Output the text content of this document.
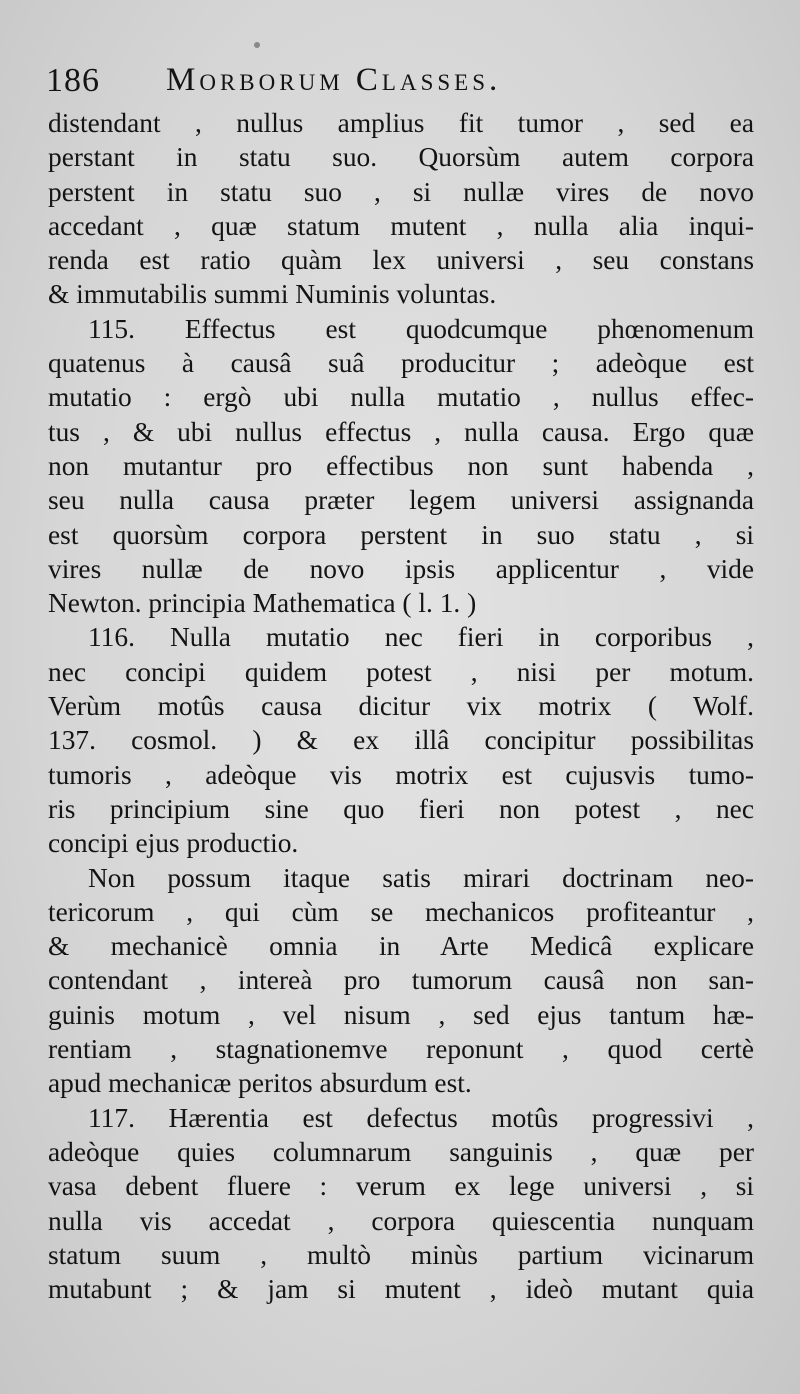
186 Morborum Classes.
distendant , nullus amplius fit tumor , sed ea
perstant in statu suo. Quorsùm autem corpora
perstent in statu suo , si nullæ vires de novo
accedant , quæ statum mutent , nulla alia inqui-
renda est ratio quàm lex universi , seu constans
& immutabilis summi Numinis voluntas.
115. Effectus est quodcumque phœnomenum
quatenus à causâ suâ producitur ; adeòque est
mutatio : ergò ubi nulla mutatio , nullus effec-
tus , & ubi nullus effectus , nulla causa. Ergo quæ
non mutantur pro effectibus non sunt habenda ,
seu nulla causa præter legem universi assignanda
est quorsùm corpora perstent in suo statu , si
vires nullæ de novo ipsis applicentur , vide
Newton. principia Mathematica ( l. 1. )
116. Nulla mutatio nec fieri in corporibus ,
nec concipi quidem potest , nisi per motum.
Verùm motûs causa dicitur vix motrix ( Wolf.
137. cosmol. ) & ex illâ concipitur possibilitas
tumoris , adeòque vis motrix est cujusvis tumo-
ris principium sine quo fieri non potest , nec
concipi ejus productio.
Non possum itaque satis mirari doctrinam neo-
tericorum , qui cùm se mechanicos profiteantur ,
& mechanicè omnia in Arte Medicâ explicare
contendant , intereà pro tumorum causâ non san-
guinis motum , vel nisum , sed ejus tantum hæ-
rentiam , stagnationemve reponunt , quod certè
apud mechanicæ peritos absurdum est.
117. Hærentia est defectus motûs progressivi ,
adeòque quies columnarum sanguinis , quæ per
vasa debent fluere : verum ex lege universi , si
nulla vis accedat , corpora quiescentia nunquam
statum suum , multò minùs partium vicinarum
mutabunt ; & jam si mutent , ideò mutant quia
